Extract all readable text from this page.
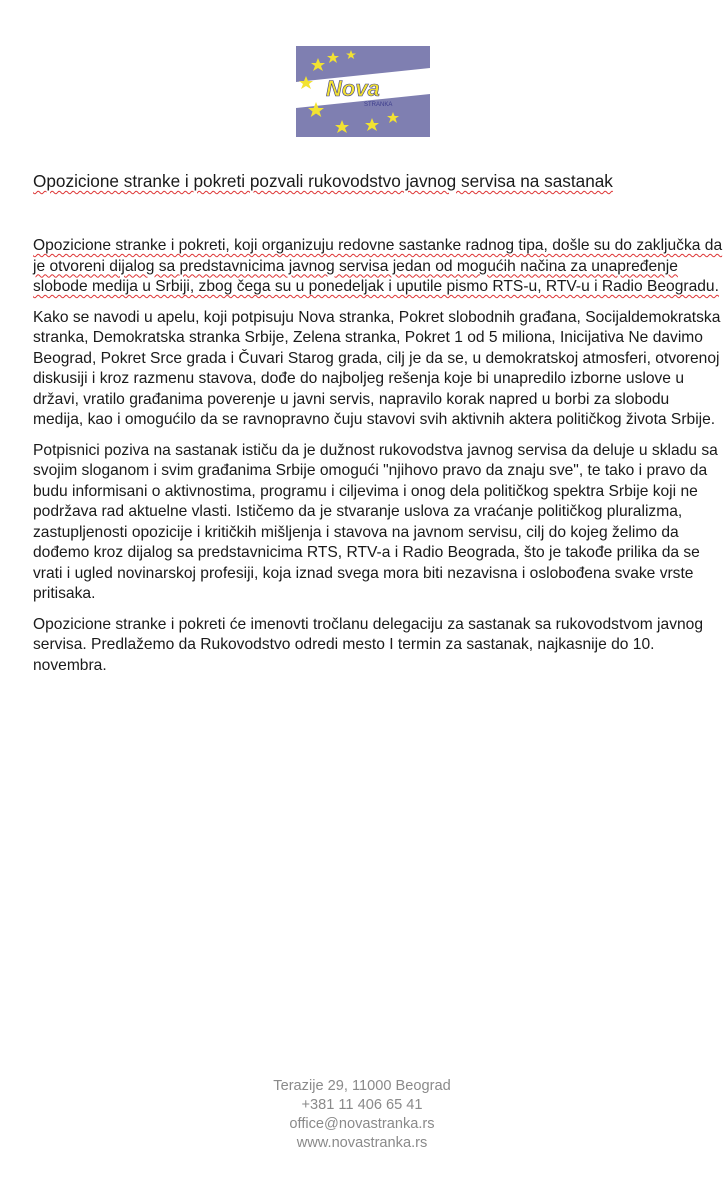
Nova
STRANKA
Opozicione stranke i pokreti pozvali rukovodstvo javnog servisa na sastanak

Opozicione stranke i pokreti, koji organizuju redovne sastanke radnog tipa, došle su do zaključka da je otvoreni dijalog sa predstavnicima javnog servisa jedan od mogućih načina za unapređenje slobode medija u Srbiji, zbog čega su u ponedeljak i uputile pismo RTS-u, RTV-u i Radio Beogradu.

Kako se navodi u apelu, koji potpisuju Nova stranka, Pokret slobodnih građana, Socijaldemokratska stranka, Demokratska stranka Srbije, Zelena stranka, Pokret 1 od 5 miliona, Inicijativa Ne davimo Beograd, Pokret Srce grada i Čuvari Starog grada, cilj je da se, u demokratskoj atmosferi, otvorenoj diskusiji i kroz razmenu stavova, dođe do najboljeg rešenja koje bi unapredilo izborne uslove u državi, vratilo građanima poverenje u javni servis, napravilo korak napred u borbi za slobodu medija, kao i omogućilo da se ravnopravno čuju stavovi svih aktivnih aktera političkog života Srbije.

Potpisnici poziva na sastanak ističu da je dužnost rukovodstva javnog servisa da deluje u skladu sa svojim sloganom i svim građanima Srbije omogući "njihovo pravo da znaju sve", te tako i pravo da budu informisani o aktivnostima, programu i ciljevima i onog dela političkog spektra Srbije koji ne podržava rad aktuelne vlasti. Ističemo da je stvaranje uslova za vraćanje političkog pluralizma, zastupljenosti opozicije i kritičkih mišljenja i stavova na javnom servisu, cilj do kojeg želimo da dođemo kroz dijalog sa predstavnicima RTS, RTV-a i Radio Beograda, što je takođe prilika da se vrati i ugled novinarskoj profesiji, koja iznad svega mora biti nezavisna i oslobođena svake vrste pritisaka.

Opozicione stranke i pokreti će imenovti tročlanu delegaciju za sastanak sa rukovodstvom javnog servisa. Predlažemo da Rukovodstvo odredi mesto I termin za sastanak, najkasnije do 10. novembra.

Terazije 29, 11000 Beograd
+381 11 406 65 41
office@novastranka.rs
www.novastranka.rs
